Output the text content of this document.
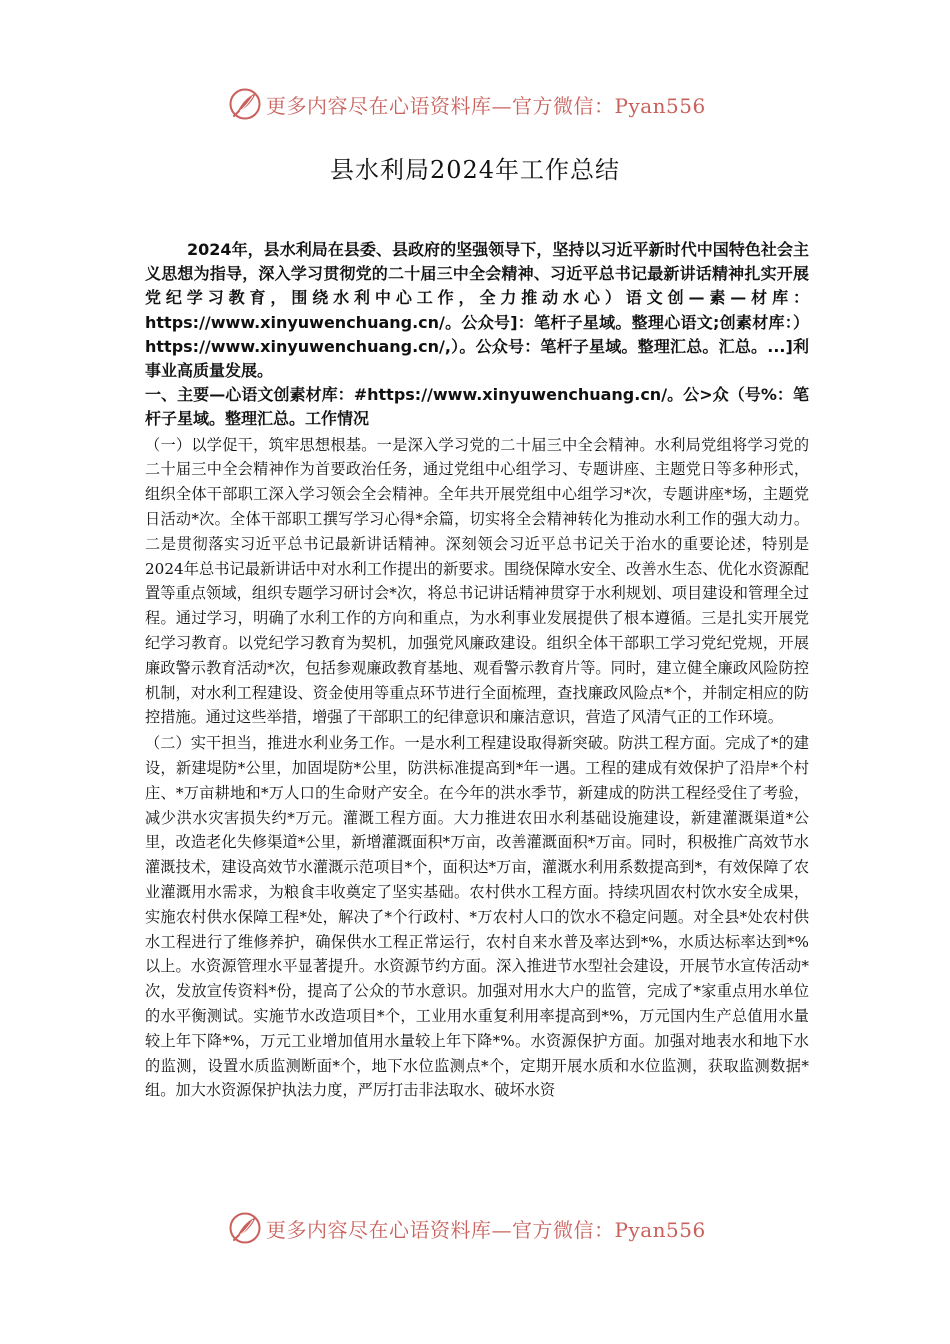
更多内容尽在心语资料库—官方微信：Pyan556
县水利局2024年工作总结

2024年，县水利局在县委、县政府的坚强领导下，坚持以习近平新时代中国特色社会主义思想为指导，深入学习贯彻党的二十届三中全会精神、习近平总书记最新讲话精神扎实开展党纪学习教育，围绕水利中心工作，全力推动水心）语文创—素—材库：https://www.xinyuwenchuang.cn/。公众号]：笔杆子星域。整理心语文;创素材库：）https://www.xinyuwenchuang.cn/,）。公众号：笔杆子星域。整理汇总。汇总。...]利事业高质量发展。

一、主要—心语文创素材库：#https://www.xinyuwenchuang.cn/。公>众（号%：笔杆子星域。整理汇总。工作情况

（一）以学促干，筑牢思想根基。一是深入学习党的二十届三中全会精神。水利局党组将学习党的二十届三中全会精神作为首要政治任务，通过党组中心组学习、专题讲座、主题党日等多种形式，组织全体干部职工深入学习领会全会精神。全年共开展党组中心组学习*次，专题讲座*场，主题党日活动*次。全体干部职工撰写学习心得*余篇，切实将全会精神转化为推动水利工作的强大动力。二是贯彻落实习近平总书记最新讲话精神。深刻领会习近平总书记关于治水的重要论述，特别是2024年总书记最新讲话中对水利工作提出的新要求。围绕保障水安全、改善水生态、优化水资源配置等重点领域，组织专题学习研讨会*次，将总书记讲话精神贯穿于水利规划、项目建设和管理全过程。通过学习，明确了水利工作的方向和重点，为水利事业发展提供了根本遵循。三是扎实开展党纪学习教育。以党纪学习教育为契机，加强党风廉政建设。组织全体干部职工学习党纪党规，开展廉政警示教育活动*次，包括参观廉政教育基地、观看警示教育片等。同时，建立健全廉政风险防控机制，对水利工程建设、资金使用等重点环节进行全面梳理，查找廉政风险点*个，并制定相应的防控措施。通过这些举措，增强了干部职工的纪律意识和廉洁意识，营造了风清气正的工作环境。

（二）实干担当，推进水利业务工作。一是水利工程建设取得新突破。防洪工程方面。完成了*的建设，新建堤防*公里，加固堤防*公里，防洪标准提高到*年一遇。工程的建成有效保护了沿岸*个村庄、*万亩耕地和*万人口的生命财产安全。在今年的洪水季节，新建成的防洪工程经受住了考验，减少洪水灾害损失约*万元。灌溉工程方面。大力推进农田水利基础设施建设，新建灌溉渠道*公里，改造老化失修渠道*公里，新增灌溉面积*万亩，改善灌溉面积*万亩。同时，积极推广高效节水灌溉技术，建设高效节水灌溉示范项目*个，面积达*万亩，灌溉水利用系数提高到*，有效保障了农业灌溉用水需求，为粮食丰收奠定了坚实基础。农村供水工程方面。持续巩固农村饮水安全成果，实施农村供水保障工程*处，解决了*个行政村、*万农村人口的饮水不稳定问题。对全县*处农村供水工程进行了维修养护，确保供水工程正常运行，农村自来水普及率达到*%，水质达标率达到*%以上。水资源管理水平显著提升。水资源节约方面。深入推进节水型社会建设，开展节水宣传活动*次，发放宣传资料*份，提高了公众的节水意识。加强对用水大户的监管，完成了*家重点用水单位的水平衡测试。实施节水改造项目*个，工业用水重复利用率提高到*%，万元国内生产总值用水量较上年下降*%，万元工业增加值用水量较上年下降*%。水资源保护方面。加强对地表水和地下水的监测，设置水质监测断面*个，地下水位监测点*个，定期开展水质和水位监测，获取监测数据*组。加大水资源保护执法力度，严厉打击非法取水、破坏水资

更多内容尽在心语资料库—官方微信：Pyan556
